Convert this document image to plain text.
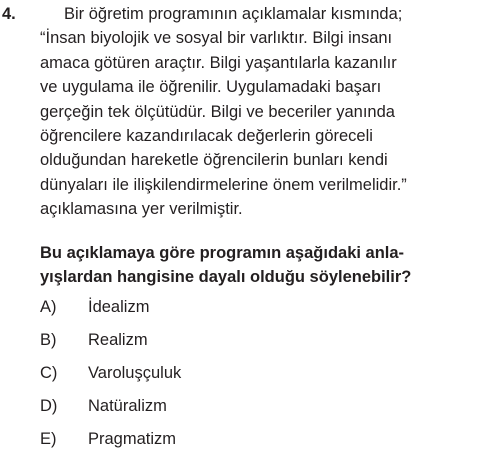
4.	Bir öğretim programının açıklamalar kısmında;
“İnsan biyolojik ve sosyal bir varlıktır. Bilgi insanı
amaca götüren araçtır. Bilgi yaşantılarla kazanılır
ve uygulama ile öğrenilir. Uygulamadaki başarı
gerçeğin tek ölçütüdür. Bilgi ve beceriler yanında
öğrencilere kazandırılacak değerlerin göreceli
olduğundan hareketle öğrencilerin bunları kendi
dünyaları ile ilişkilendirmelerine önem verilmelidir.”
açıklamasına yer verilmiştir.
Bu açıklamaya göre programın aşağıdaki anla-
yışlardan hangisine dayalı olduğu söylenebilir?
A)	İdealizm
B)	Realizm
C)	Varoluşçuluk
D)	Natüralizm
E)	Pragmatizm
